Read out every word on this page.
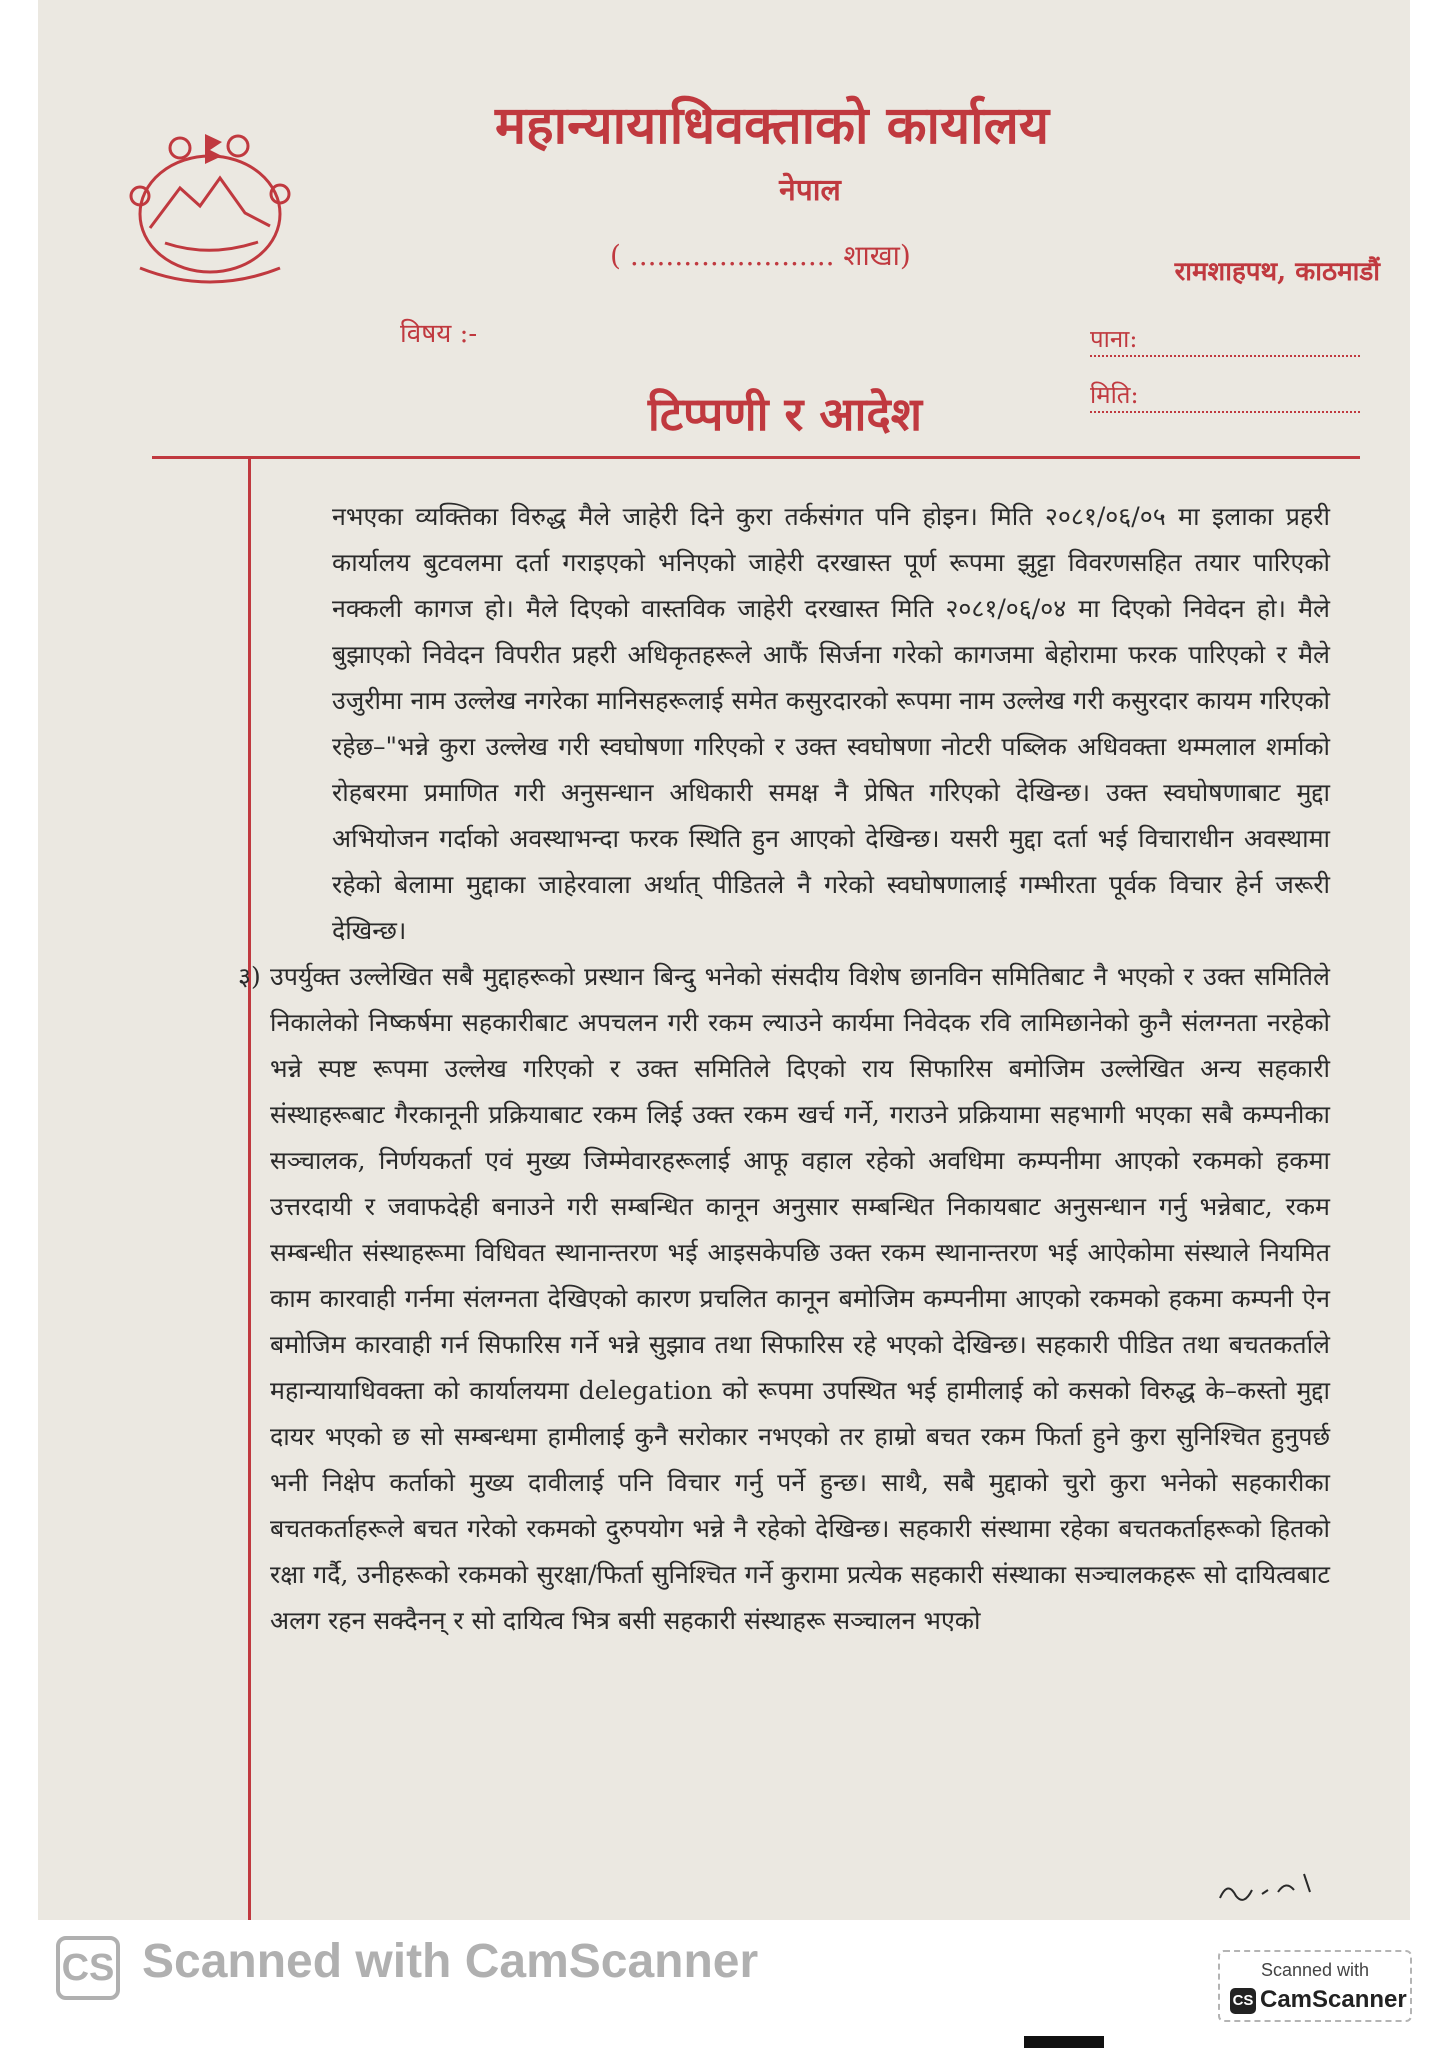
महान्यायाधिवक्ताको कार्यालय
नेपाल
( ....................... शाखा)	रामशाहपथ, काठमाडौं
विषय :-	पाना:
मिति:
टिप्पणी र आदेश

नभएका व्यक्तिका विरुद्ध मैले जाहेरी दिने कुरा तर्कसंगत पनि होइन। मिति २०८१/०६/०५ मा इलाका प्रहरी कार्यालय बुटवलमा दर्ता गराइएको भनिएको जाहेरी दरखास्त पूर्ण रूपमा झुट्टा विवरणसहित तयार पारिएको नक्कली कागज हो। मैले दिएको वास्तविक जाहेरी दरखास्त मिति २०८१/०६/०४ मा दिएको निवेदन हो। मैले बुझाएको निवेदन विपरीत प्रहरी अधिकृतहरूले आफैं सिर्जना गरेको कागजमा बेहोरामा फरक पारिएको र मैले उजुरीमा नाम उल्लेख नगरेका मानिसहरूलाई समेत कसुरदारको रूपमा नाम उल्लेख गरी कसुरदार कायम गरिएको रहेछ–"भन्ने कुरा उल्लेख गरी स्वघोषणा गरिएको र उक्त स्वघोषणा नोटरी पब्लिक अधिवक्ता थम्मलाल शर्माको रोहबरमा प्रमाणित गरी अनुसन्धान अधिकारी समक्ष नै प्रेषित गरिएको देखिन्छ। उक्त स्वघोषणाबाट मुद्दा अभियोजन गर्दाको अवस्थाभन्दा फरक स्थिति हुन आएको देखिन्छ। यसरी मुद्दा दर्ता भई विचाराधीन अवस्थामा रहेको बेलामा मुद्दाका जाहेरवाला अर्थात् पीडितले नै गरेको स्वघोषणालाई गम्भीरता पूर्वक विचार हेर्न जरूरी देखिन्छ।

३) उपर्युक्त उल्लेखित सबै मुद्दाहरूको प्रस्थान बिन्दु भनेको संसदीय विशेष छानविन समितिबाट नै भएको र उक्त समितिले निकालेको निष्कर्षमा सहकारीबाट अपचलन गरी रकम ल्याउने कार्यमा निवेदक रवि लामिछानेको कुनै संलग्नता नरहेको भन्ने स्पष्ट रूपमा उल्लेख गरिएको र उक्त समितिले दिएको राय सिफारिस बमोजिम उल्लेखित अन्य सहकारी संस्थाहरूबाट गैरकानूनी प्रक्रियाबाट रकम लिई उक्त रकम खर्च गर्ने, गराउने प्रक्रियामा सहभागी भएका सबै कम्पनीका सञ्चालक, निर्णयकर्ता एवं मुख्य जिम्मेवारहरूलाई आफू वहाल रहेको अवधिमा कम्पनीमा आएको रकमको हकमा उत्तरदायी र जवाफदेही बनाउने गरी सम्बन्धित कानून अनुसार सम्बन्धित निकायबाट अनुसन्धान गर्नु भन्नेबाट, रकम सम्बन्धीत संस्थाहरूमा विधिवत स्थानान्तरण भई आइसकेपछि उक्त रकम स्थानान्तरण भई आऐकोमा संस्थाले नियमित काम कारवाही गर्नमा संलग्नता देखिएको कारण प्रचलित कानून बमोजिम कम्पनीमा आएको रकमको हकमा कम्पनी ऐन बमोजिम कारवाही गर्न सिफारिस गर्ने भन्ने सुझाव तथा सिफारिस रहे भएको देखिन्छ। सहकारी पीडित तथा बचतकर्ताले महान्यायाधिवक्ता को कार्यालयमा delegation को रूपमा उपस्थित भई हामीलाई को कसको विरुद्ध के–कस्तो मुद्दा दायर भएको छ सो सम्बन्धमा हामीलाई कुनै सरोकार नभएको तर हाम्रो बचत रकम फिर्ता हुने कुरा सुनिश्चित हुनुपर्छ भनी निक्षेप कर्ताको मुख्य दावीलाई पनि विचार गर्नु पर्ने हुन्छ। साथै, सबै मुद्दाको चुरो कुरा भनेको सहकारीका बचतकर्ताहरूले बचत गरेको रकमको दुरुपयोग भन्ने नै रहेको देखिन्छ। सहकारी संस्थामा रहेका बचतकर्ताहरूको हितको रक्षा गर्दै, उनीहरूको रकमको सुरक्षा/फिर्ता सुनिश्चित गर्ने कुरामा प्रत्येक सहकारी संस्थाका सञ्चालकहरू सो दायित्वबाट अलग रहन सक्दैनन् र सो दायित्व भित्र बसी सहकारी संस्थाहरू सञ्चालन भएको

CS Scanned with CamScanner	Scanned with
CS CamScanner
